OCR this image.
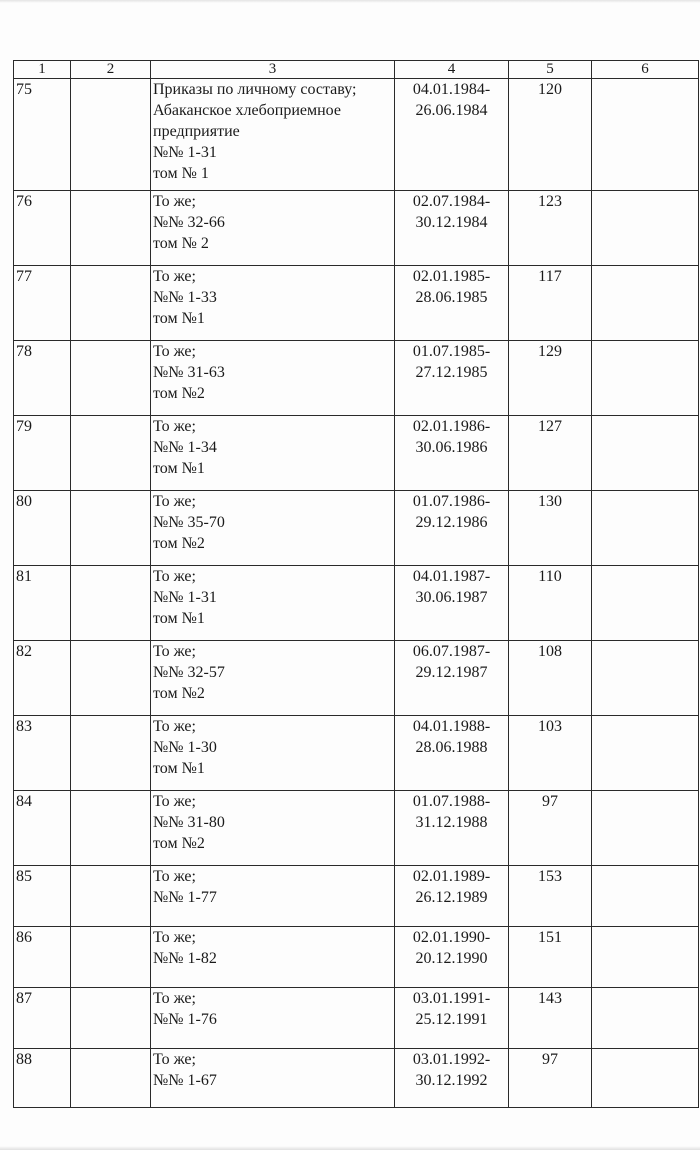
1	2	3	4	5	6
75		Приказы по личному составу;
Абаканское хлебоприемное
предприятие
№№ 1-31
том № 1	04.01.1984-
26.06.1984	120	
76		То же;
№№ 32-66
том № 2	02.07.1984-
30.12.1984	123	
77		То же;
№№ 1-33
том №1	02.01.1985-
28.06.1985	117	
78		То же;
№№ 31-63
том №2	01.07.1985-
27.12.1985	129	
79		То же;
№№ 1-34
том №1	02.01.1986-
30.06.1986	127	
80		То же;
№№ 35-70
том №2	01.07.1986-
29.12.1986	130	
81		То же;
№№ 1-31
том №1	04.01.1987-
30.06.1987	110	
82		То же;
№№ 32-57
том №2	06.07.1987-
29.12.1987	108	
83		То же;
№№ 1-30
том №1	04.01.1988-
28.06.1988	103	
84		То же;
№№ 31-80
том №2	01.07.1988-
31.12.1988	97	
85		То же;
№№ 1-77	02.01.1989-
26.12.1989	153	
86		То же;
№№ 1-82	02.01.1990-
20.12.1990	151	
87		То же;
№№ 1-76	03.01.1991-
25.12.1991	143	
88		То же;
№№ 1-67	03.01.1992-
30.12.1992	97	
